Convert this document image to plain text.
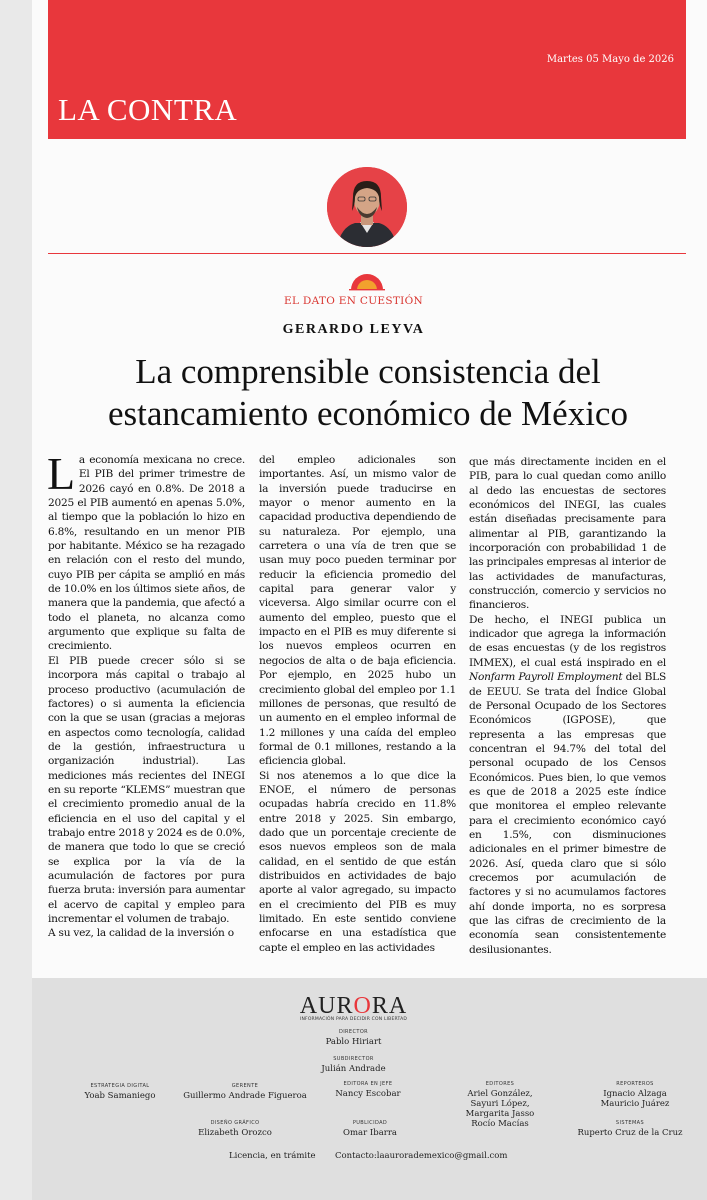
Martes 05 Mayo de 2026
LA CONTRA
EL DATO EN CUESTIÓN
GERARDO LEYVA
La comprensible consistencia del
estancamiento económico de México

La economía mexicana no crece. El PIB del primer trimestre de 2026 cayó en 0.8%. De 2018 a 2025 el PIB aumentó en apenas 5.0%, al tiempo que la población lo hizo en 6.8%, resultando en un menor PIB por habitante. México se ha rezagado en relación con el resto del mundo, cuyo PIB per cápita se amplió en más de 10.0% en los últimos siete años, de manera que la pandemia, que afectó a todo el planeta, no alcanza como argumento que explique su falta de crecimiento.

El PIB puede crecer sólo si se incorpora más capital o trabajo al proceso productivo (acumulación de factores) o si aumenta la eficiencia con la que se usan (gracias a mejoras en aspectos como tecnología, calidad de la gestión, infraestructura u organización industrial). Las mediciones más recientes del INEGI en su reporte “KLEMS” muestran que el crecimiento promedio anual de la eficiencia en el uso del capital y el trabajo entre 2018 y 2024 es de 0.0%, de manera que todo lo que se creció se explica por la vía de la acumulación de factores por pura fuerza bruta: inversión para aumentar el acervo de capital y empleo para incrementar el volumen de trabajo.

A su vez, la calidad de la inversión o

del empleo adicionales son importantes. Así, un mismo valor de la inversión puede traducirse en mayor o menor aumento en la capacidad productiva dependiendo de su naturaleza. Por ejemplo, una carretera o una vía de tren que se usan muy poco pueden terminar por reducir la eficiencia promedio del capital para generar valor y viceversa. Algo similar ocurre con el aumento del empleo, puesto que el impacto en el PIB es muy diferente si los nuevos empleos ocurren en negocios de alta o de baja eficiencia. Por ejemplo, en 2025 hubo un crecimiento global del empleo por 1.1 millones de personas, que resultó de un aumento en el empleo informal de 1.2 millones y una caída del empleo formal de 0.1 millones, restando a la eficiencia global.

Si nos atenemos a lo que dice la ENOE, el número de personas ocupadas habría crecido en 11.8% entre 2018 y 2025. Sin embargo, dado que un porcentaje creciente de esos nuevos empleos son de mala calidad, en el sentido de que están distribuidos en actividades de bajo aporte al valor agregado, su impacto en el crecimiento del PIB es muy limitado. En este sentido conviene enfocarse en una estadística que capte el empleo en las actividades

que más directamente inciden en el PIB, para lo cual quedan como anillo al dedo las encuestas de sectores económicos del INEGI, las cuales están diseñadas precisamente para alimentar al PIB, garantizando la incorporación con probabilidad 1 de las principales empresas al interior de las actividades de manufacturas, construcción, comercio y servicios no financieros.

De hecho, el INEGI publica un indicador que agrega la información de esas encuestas (y de los registros IMMEX), el cual está inspirado en el Nonfarm Payroll Employment del BLS de EEUU. Se trata del Índice Global de Personal Ocupado de los Sectores Económicos (IGPOSE), que representa a las empresas que concentran el 94.7% del total del personal ocupado de los Censos Económicos. Pues bien, lo que vemos es que de 2018 a 2025 este índice que monitorea el empleo relevante para el crecimiento económico cayó en 1.5%, con disminuciones adicionales en el primer bimestre de 2026. Así, queda claro que si sólo crecemos por acumulación de factores y si no acumulamos factores ahí donde importa, no es sorpresa que las cifras de crecimiento de la economía sean consistentemente desilusionantes.

AURORA
INFORMACIÓN PARA DECIDIR CON LIBERTAD
DIRECTOR
Pablo Hiriart
SUBDIRECTOR
Julián Andrade
ESTRATEGIA DIGITAL
Yoab Samaniego
GERENTE
Guillermo Andrade Figueroa
EDITORA EN JEFE
Nancy Escobar
EDITORES
Ariel González,
Sayuri López,
Margarita Jasso
Rocío Macías
REPORTEROS
Ignacio Alzaga
Mauricio Juárez
DISEÑO GRÁFICO
Elizabeth Orozco
PUBLICIDAD
Omar Ibarra
SISTEMAS
Ruperto Cruz de la Cruz
Licencia, en trámite Contacto:laaurorademexico@gmail.com
